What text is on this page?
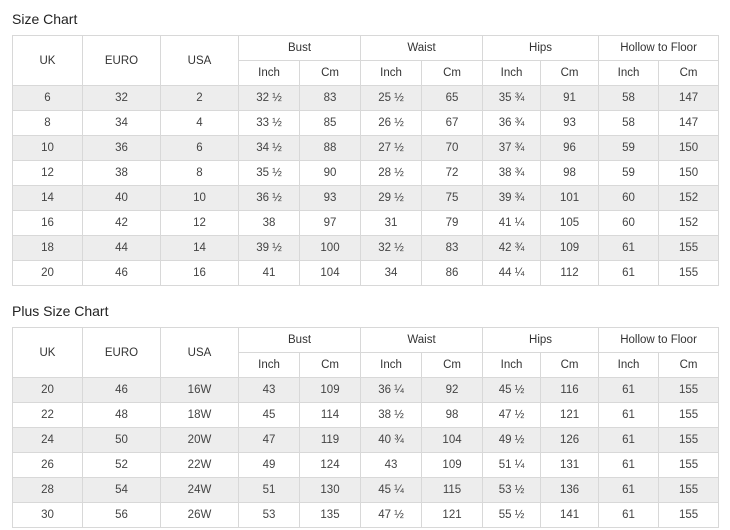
Size Chart
UK	EURO	USA	Bust		Waist		Hips		Hollow to Floor	
			Inch	Cm	Inch	Cm	Inch	Cm	Inch	Cm
6	32	2	32 ½	83	25 ½	65	35 ¾	91	58	147
8	34	4	33 ½	85	26 ½	67	36 ¾	93	58	147
10	36	6	34 ½	88	27 ½	70	37 ¾	96	59	150
12	38	8	35 ½	90	28 ½	72	38 ¾	98	59	150
14	40	10	36 ½	93	29 ½	75	39 ¾	101	60	152
16	42	12	38	97	31	79	41 ¼	105	60	152
18	44	14	39 ½	100	32 ½	83	42 ¾	109	61	155
20	46	16	41	104	34	86	44 ¼	112	61	155
Plus Size Chart
UK	EURO	USA	Bust		Waist		Hips		Hollow to Floor	
			Inch	Cm	Inch	Cm	Inch	Cm	Inch	Cm
20	46	16W	43	109	36 ¼	92	45 ½	116	61	155
22	48	18W	45	114	38 ½	98	47 ½	121	61	155
24	50	20W	47	119	40 ¾	104	49 ½	126	61	155
26	52	22W	49	124	43	109	51 ¼	131	61	155
28	54	24W	51	130	45 ¼	115	53 ½	136	61	155
30	56	26W	53	135	47 ½	121	55 ½	141	61	155
